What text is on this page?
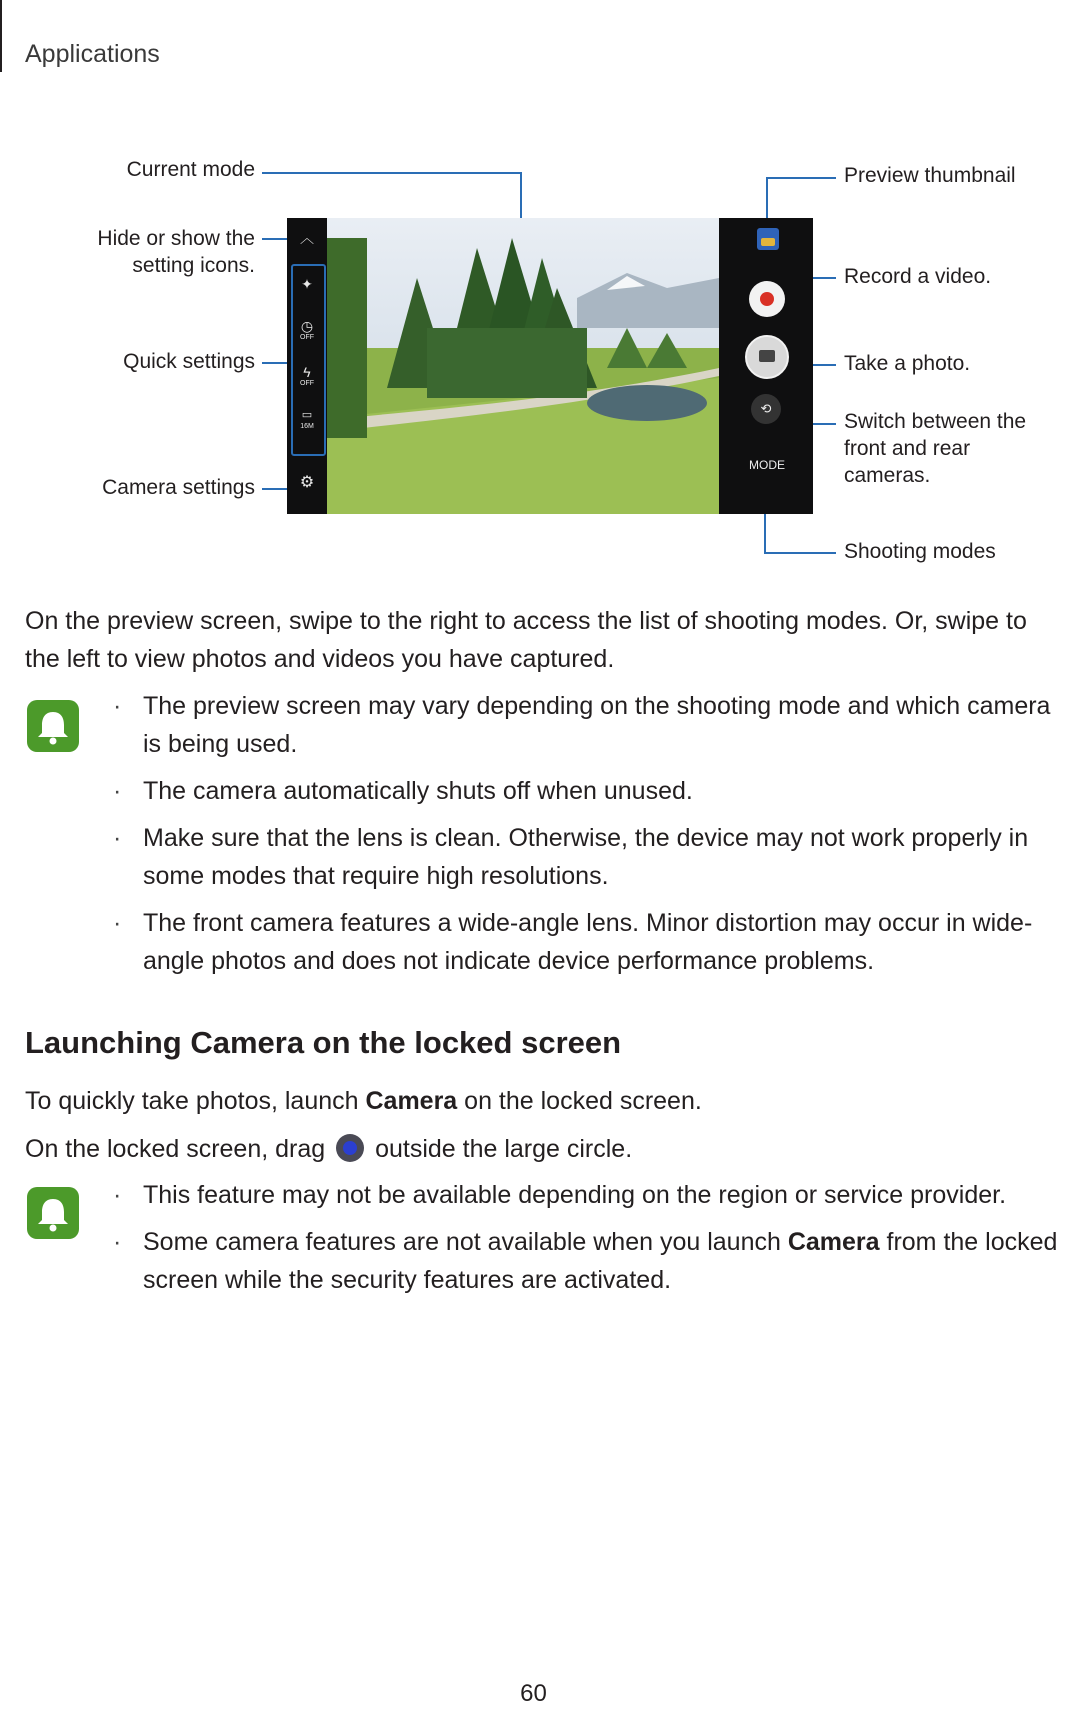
Applications
Current mode
Hide or show the setting icons.
Quick settings
Camera settings
Preview thumbnail
Record a video.
Take a photo.
Switch between the front and rear cameras.
Shooting modes
︿
✦
◷
OFF
ϟ
OFF
▭
16M
⚙
⟲
MODE
On the preview screen, swipe to the right to access the list of shooting modes. Or, swipe to the left to view photos and videos you have captured.
· The preview screen may vary depending on the shooting mode and which camera is being used.
· The camera automatically shuts off when unused.
· Make sure that the lens is clean. Otherwise, the device may not work properly in some modes that require high resolutions.
· The front camera features a wide-angle lens. Minor distortion may occur in wide-angle photos and does not indicate device performance problems.
Launching Camera on the locked screen
To quickly take photos, launch Camera on the locked screen.
On the locked screen, drag  outside the large circle.
· This feature may not be available depending on the region or service provider.
· Some camera features are not available when you launch Camera from the locked screen while the security features are activated.
60
